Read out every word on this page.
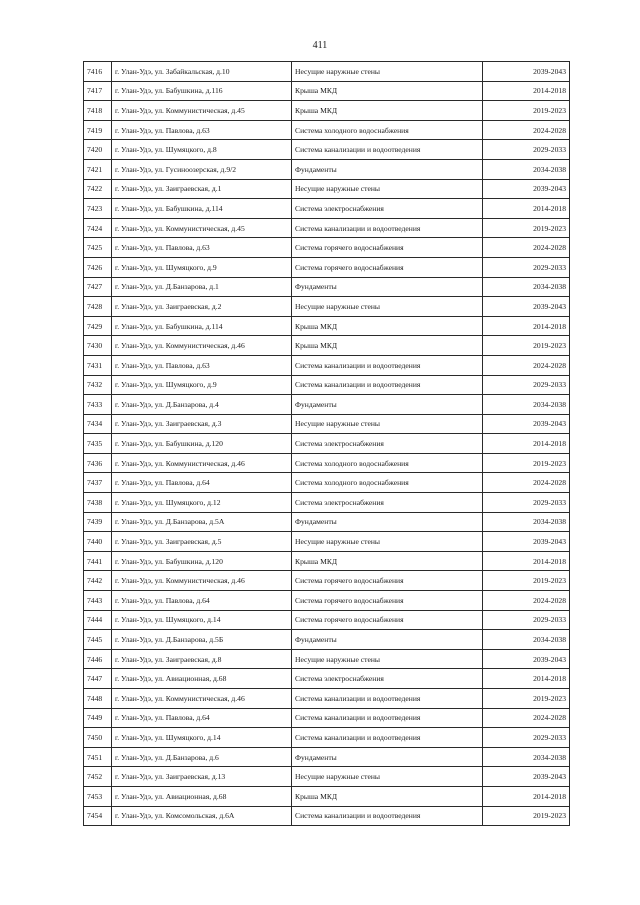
411
7416	г. Улан-Удэ, ул. Забайкальская, д.10	Несущие наружные стены	2039-2043
7417	г. Улан-Удэ, ул. Бабушкина, д.116	Крыша МКД	2014-2018
7418	г. Улан-Удэ, ул. Коммунистическая, д.45	Крыша МКД	2019-2023
7419	г. Улан-Удэ, ул. Павлова, д.63	Система холодного водоснабжения	2024-2028
7420	г. Улан-Удэ, ул. Шумяцкого, д.8	Система канализации и водоотведения	2029-2033
7421	г. Улан-Удэ, ул. Гусиноозерская, д.9/2	Фундаменты	2034-2038
7422	г. Улан-Удэ, ул. Заиграевская, д.1	Несущие наружные стены	2039-2043
7423	г. Улан-Удэ, ул. Бабушкина, д.114	Система электроснабжения	2014-2018
7424	г. Улан-Удэ, ул. Коммунистическая, д.45	Система канализации и водоотведения	2019-2023
7425	г. Улан-Удэ, ул. Павлова, д.63	Система горячего водоснабжения	2024-2028
7426	г. Улан-Удэ, ул. Шумяцкого, д.9	Система горячего водоснабжения	2029-2033
7427	г. Улан-Удэ, ул. Д.Банзарова, д.1	Фундаменты	2034-2038
7428	г. Улан-Удэ, ул. Заиграевская, д.2	Несущие наружные стены	2039-2043
7429	г. Улан-Удэ, ул. Бабушкина, д.114	Крыша МКД	2014-2018
7430	г. Улан-Удэ, ул. Коммунистическая, д.46	Крыша МКД	2019-2023
7431	г. Улан-Удэ, ул. Павлова, д.63	Система канализации и водоотведения	2024-2028
7432	г. Улан-Удэ, ул. Шумяцкого, д.9	Система канализации и водоотведения	2029-2033
7433	г. Улан-Удэ, ул. Д.Банзарова, д.4	Фундаменты	2034-2038
7434	г. Улан-Удэ, ул. Заиграевская, д.3	Несущие наружные стены	2039-2043
7435	г. Улан-Удэ, ул. Бабушкина, д.120	Система электроснабжения	2014-2018
7436	г. Улан-Удэ, ул. Коммунистическая, д.46	Система холодного водоснабжения	2019-2023
7437	г. Улан-Удэ, ул. Павлова, д.64	Система холодного водоснабжения	2024-2028
7438	г. Улан-Удэ, ул. Шумяцкого, д.12	Система электроснабжения	2029-2033
7439	г. Улан-Удэ, ул. Д.Банзарова, д.5А	Фундаменты	2034-2038
7440	г. Улан-Удэ, ул. Заиграевская, д.5	Несущие наружные стены	2039-2043
7441	г. Улан-Удэ, ул. Бабушкина, д.120	Крыша МКД	2014-2018
7442	г. Улан-Удэ, ул. Коммунистическая, д.46	Система горячего водоснабжения	2019-2023
7443	г. Улан-Удэ, ул. Павлова, д.64	Система горячего водоснабжения	2024-2028
7444	г. Улан-Удэ, ул. Шумяцкого, д.14	Система горячего водоснабжения	2029-2033
7445	г. Улан-Удэ, ул. Д.Банзарова, д.5Б	Фундаменты	2034-2038
7446	г. Улан-Удэ, ул. Заиграевская, д.8	Несущие наружные стены	2039-2043
7447	г. Улан-Удэ, ул. Авиационная, д.68	Система электроснабжения	2014-2018
7448	г. Улан-Удэ, ул. Коммунистическая, д.46	Система канализации и водоотведения	2019-2023
7449	г. Улан-Удэ, ул. Павлова, д.64	Система канализации и водоотведения	2024-2028
7450	г. Улан-Удэ, ул. Шумяцкого, д.14	Система канализации и водоотведения	2029-2033
7451	г. Улан-Удэ, ул. Д.Банзарова, д.6	Фундаменты	2034-2038
7452	г. Улан-Удэ, ул. Заиграевская, д.13	Несущие наружные стены	2039-2043
7453	г. Улан-Удэ, ул. Авиационная, д.68	Крыша МКД	2014-2018
7454	г. Улан-Удэ, ул. Комсомольская, д.6А	Система канализации и водоотведения	2019-2023
